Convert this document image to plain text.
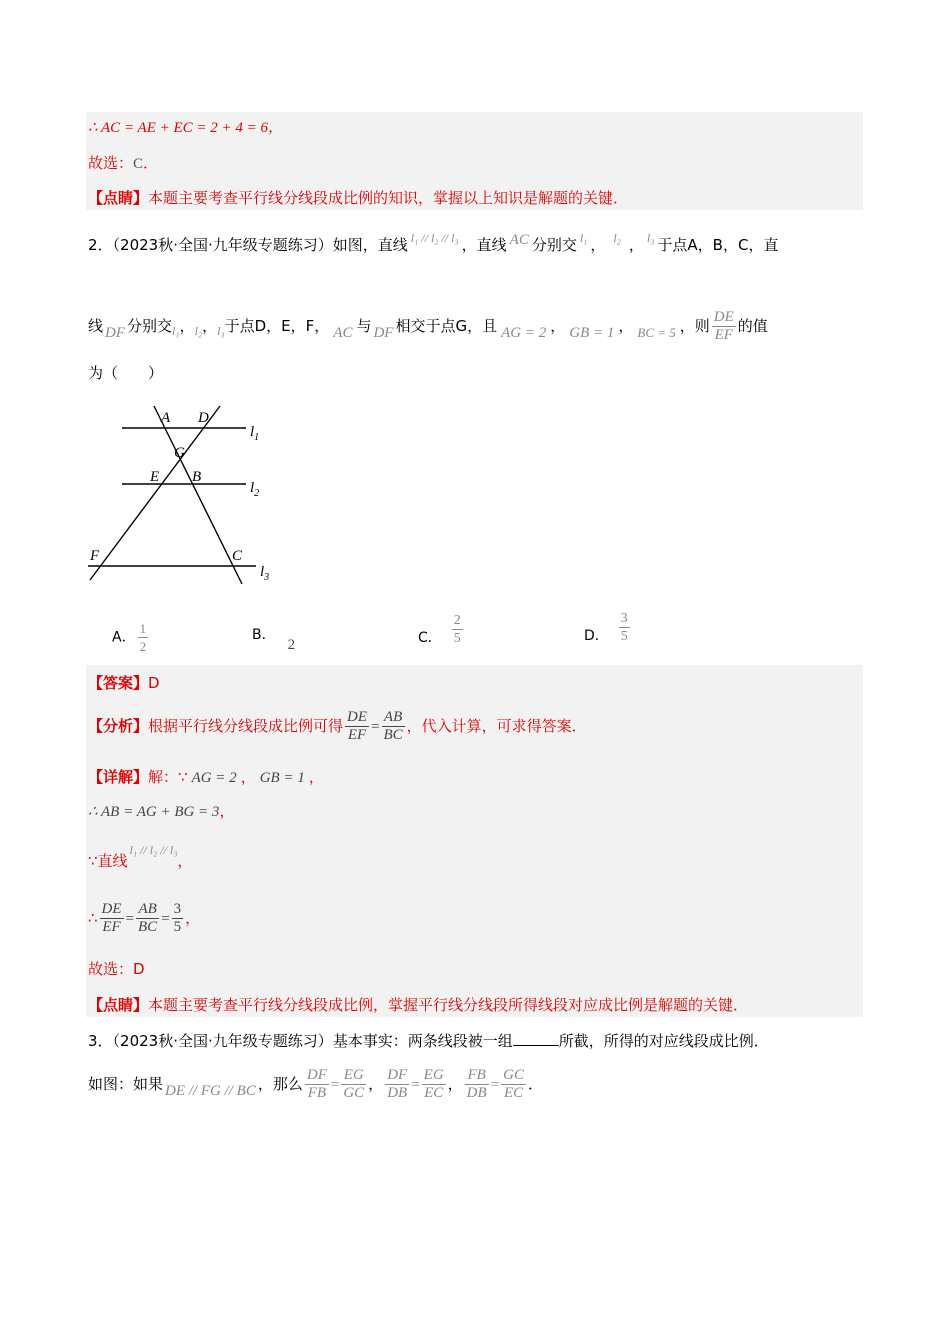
∴ AC = AE + EC = 2 + 4 = 6，
故选：C．
【点睛】本题主要考查平行线分线段成比例的知识，掌握以上知识是解题的关键．
2．（2023秋·全国·九年级专题练习）如图，直线 $^{l_1 // l_2 // l_3}$ ，直线 AC 分别交 $^{l_1}$ ， $^{l_2}$ ， $^{l_3}$ 于点A，B，C，直
线 DF 分别交$_{l_1}$，$_{l_2}$，$_{l_3}$于点D，E，F， AC 与 DF 相交于点G，且 AG = 2 ， GB = 1 ， BC = 5 ，则 $\frac{DE}{EF}$ 的值
为（　　）
A D
G
E B
F	C
$l_1$
$l_2$
$l_3$
A． $\frac{1}{2}$	B．2	C． $\frac{2}{5}$	D． $\frac{3}{5}$
【答案】D
【分析】根据平行线分线段成比例可得 $\frac{DE}{EF} = \frac{AB}{BC}$ ，代入计算，可求得答案．
【详解】解：∵ AG = 2 ， GB = 1 ，
∴ AB = AG + BG = 3，
∵直线$^{l_1 // l_2 // l_3}$，
∴ $\frac{DE}{EF} = \frac{AB}{BC} = \frac{3}{5}$ ，
故选：D
【点睛】本题主要考查平行线分线段成比例，掌握平行线分线段所得线段对应成比例是解题的关键．
3．（2023秋·全国·九年级专题练习）基本事实：两条线段被一组	所截，所得的对应线段成比例．
如图：如果 DE // FG // BC ，那么 $\frac{DF}{FB} = \frac{EG}{GC}$ ， $\frac{DF}{DB} = \frac{EG}{EC}$ ， $\frac{FB}{DB} = \frac{GC}{EC}$ ．
